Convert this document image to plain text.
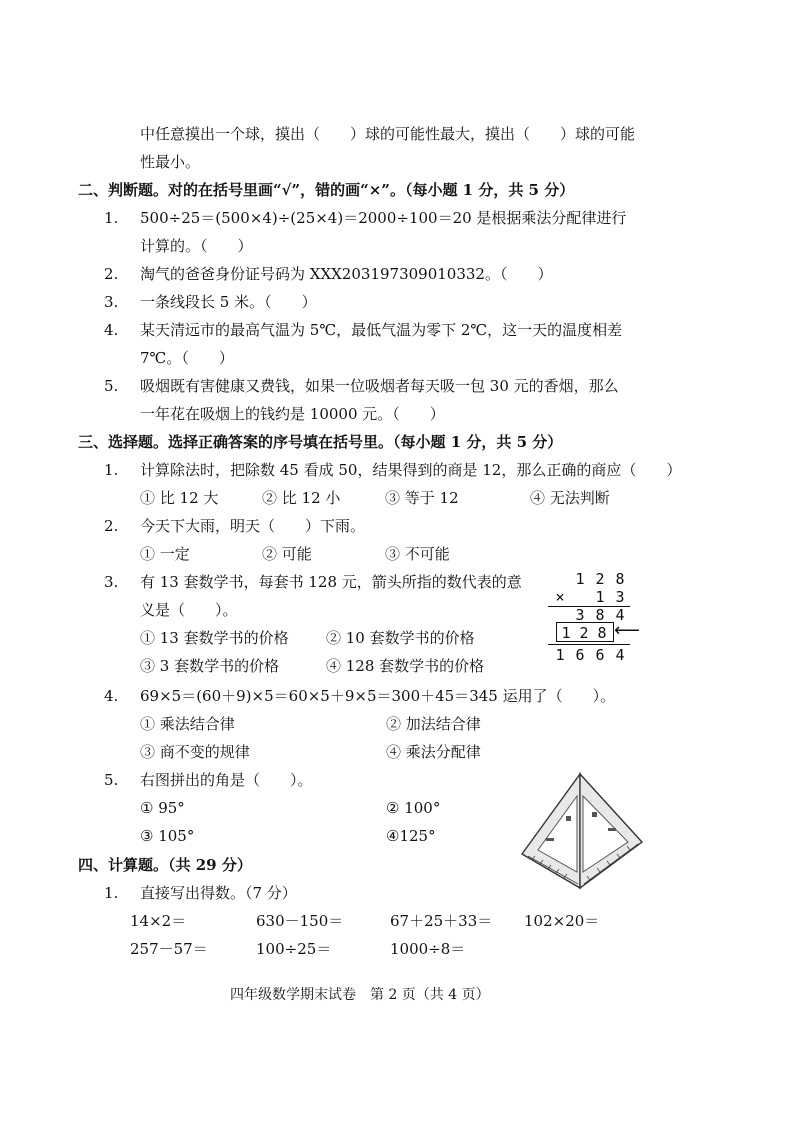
中任意摸出一个球，摸出（　　）球的可能性最大，摸出（　　）球的可能
性最小。
二、判断题。对的在括号里画“√”，错的画“×”。（每小题 1 分，共 5 分）
1. 500÷25＝(500×4)÷(25×4)＝2000÷100＝20 是根据乘法分配律进行
计算的。（　　）
2. 淘气的爸爸身份证号码为 XXX203197309010332。（　　）
3. 一条线段长 5 米。（　　）
4. 某天清远市的最高气温为 5℃，最低气温为零下 2℃，这一天的温度相差
7℃。（　　）
5. 吸烟既有害健康又费钱，如果一位吸烟者每天吸一包 30 元的香烟，那么
一年花在吸烟上的钱约是 10000 元。（　　）
三、选择题。选择正确答案的序号填在括号里。（每小题 1 分，共 5 分）
1. 计算除法时，把除数 45 看成 50，结果得到的商是 12，那么正确的商应（　　）
① 比 12 大	② 比 12 小	③ 等于 12	④ 无法判断
2. 今天下大雨，明天（　　）下雨。
① 一定	② 可能	③ 不可能
3. 有 13 套数学书，每套书 128 元，箭头所指的数代表的意
义是（　　）。
① 13 套数学书的价格 ② 10 套数学书的价格
③ 3 套数学书的价格	④ 128 套数学书的价格
1 2 8
× 1 3
3 8 4
1 2 8 ⟵
1 6 6 4
4. 69×5＝(60＋9)×5＝60×5＋9×5＝300＋45＝345 运用了（　　）。
① 乘法结合律	② 加法结合律
③ 商不变的规律	④ 乘法分配律
5. 右图拼出的角是（　　）。
① 95°	② 100°
③ 105°	④125°
四、计算题。（共 29 分）
1. 直接写出得数。（7 分）
14×2＝	630－150＝	67＋25＋33＝ 102×20＝
257－57＝	100÷25＝	1000÷8＝
四年级数学期末试卷　第 2 页（共 4 页）
